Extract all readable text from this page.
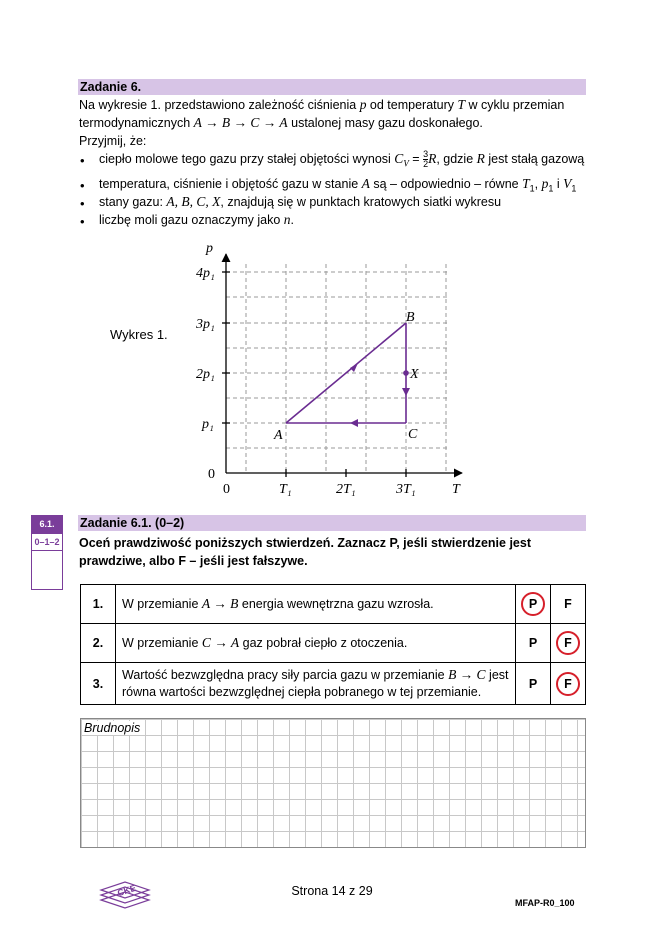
Zadanie 6.
Na wykresie 1. przedstawiono zależność ciśnienia p od temperatury T w cyklu przemian
termodynamicznych A → B → C → A ustalonej masy gazu doskonałego.
Przyjmij, że:
• ciepło molowe tego gazu przy stałej objętości wynosi $C_V = \frac{3}{2}R$, gdzie R jest stałą gazową
• temperatura, ciśnienie i objętość gazu w stanie A są – odpowiednio – równe $T_1$, $p_1$ i $V_1$
• stany gazu: A, B, C, X, znajdują się w punktach kratowych siatki wykresu
• liczbę moli gazu oznaczymy jako n.
Wykres 1.
p
T
4p₁
3p₁
2p₁
p₁
0
0	T₁	2T₁	3T₁
A
B
C
X
6.1.
0–1–2
Zadanie 6.1. (0–2)
Oceń prawdziwość poniższych stwierdzeń. Zaznacz P, jeśli stwierdzenie jest prawdziwe, albo F – jeśli jest fałszywe.
1.	W przemianie A → B energia wewnętrzna gazu wzrosła.	P	F
2.	W przemianie C → A gaz pobrał ciepło z otoczenia.	P	F
3.	Wartość bezwzględna pracy siły parcia gazu w przemianie B → C jest równa wartości bezwzględnej ciepła pobranego w tej przemianie.	P	F
Brudnopis
CKE	Strona 14 z 29
MFAP-R0_100
